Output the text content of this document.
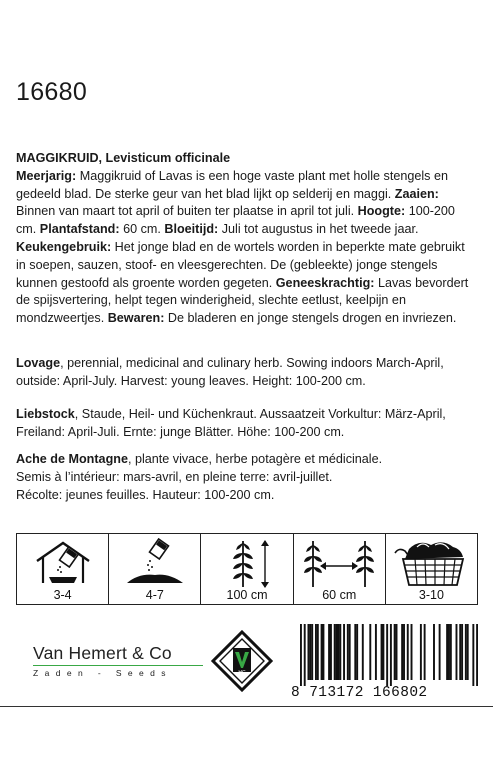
16680
MAGGIKRUID, Levisticum officinale
Meerjarig: Maggikruid of Lavas is een hoge vaste plant met holle stengels en gedeeld blad. De sterke geur van het blad lijkt op selderij en maggi. Zaaien: Binnen van maart tot april of buiten ter plaatse in april tot juli. Hoogte: 100-200 cm. Plantafstand: 60 cm. Bloeitijd: Juli tot augustus in het tweede jaar. Keukengebruik: Het jonge blad en de wortels worden in beperkte mate gebruikt in soepen, sauzen, stoof- en vleesgerechten. De (gebleekte) jonge stengels kunnen gestoofd als groente worden gegeten. Geneeskrachtig: Lavas bevordert de spijsvertering, helpt tegen winderigheid, slechte eetlust, keelpijn en mondzweertjes. Bewaren: De bladeren en jonge stengels drogen en invriezen.
Lovage, perennial, medicinal and culinary herb. Sowing indoors March-April, outside: April-July. Harvest: young leaves. Height: 100-200 cm.
Liebstock, Staude, Heil- und Küchenkraut. Aussaatzeit Vorkultur: März-April, Freiland: April-Juli. Ernte: junge Blätter. Höhe: 100-200 cm.
Ache de Montagne, plante vivace, herbe potagère et médicinale.
Semis à l’intérieur: mars-avril, en pleine terre: avril-juillet.
Récolte: jeunes feuilles. Hauteur: 100-200 cm.
3-4	4-7	100 cm	60 cm	3-10
Van Hemert & Co
Zaden - Seeds	HC
8 713172 166802
